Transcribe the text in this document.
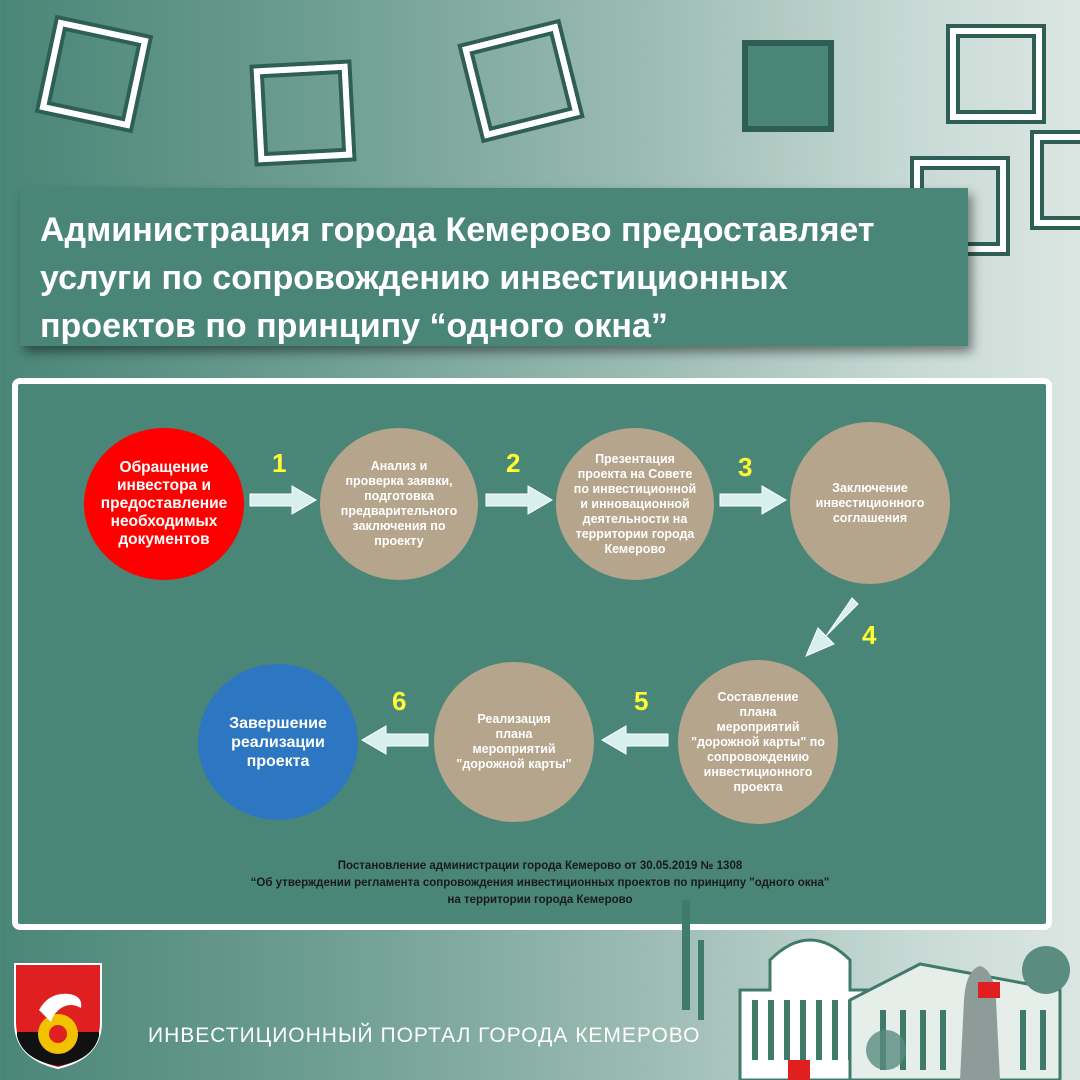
Администрация города Кемерово предоставляет
услуги по сопровождению инвестиционных
проектов по принципу “одного окна”
Обращение
инвестора и
предоставление
необходимых
документов
Анализ и
проверка заявки,
подготовка
предварительного
заключения по
проекту
Презентация
проекта на Совете
по инвестиционной
и инновационной
деятельности на
территории города
Кемерово
Заключение
инвестиционного
соглашения
Составление
плана
мероприятий
"дорожной карты" по
сопровождению
инвестиционного
проекта
Реализация
плана
мероприятий
"дорожной карты"
Завершение
реализации
проекта
1	2	3
4
5
6
Постановление администрации города Кемерово от 30.05.2019 № 1308
“Об утверждении регламента сопровождения инвестиционных проектов по принципу "одного окна"
на территории города Кемерово
ИНВЕСТИЦИОННЫЙ ПОРТАЛ ГОРОДА КЕМЕРОВО
